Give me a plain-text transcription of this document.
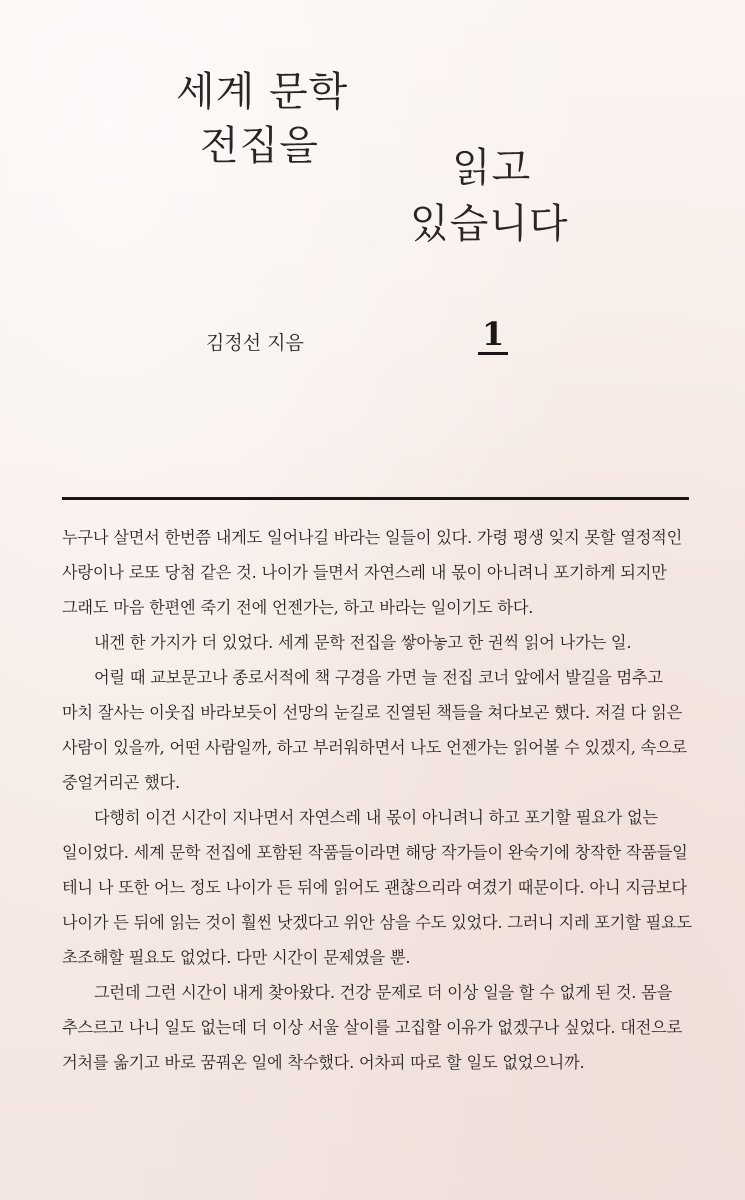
세계 문학
전집을	읽고
있습니다
김정선 지음	1

누구나 살면서 한번쯤 내게도 일어나길 바라는 일들이 있다. 가령 평생 잊지 못할 열정적인 사랑이나 로또 당첨 같은 것. 나이가 들면서 자연스레 내 몫이 아니려니 포기하게 되지만 그래도 마음 한편엔 죽기 전에 언젠가는, 하고 바라는 일이기도 하다.

내겐 한 가지가 더 있었다. 세계 문학 전집을 쌓아놓고 한 권씩 읽어 나가는 일.

어릴 때 교보문고나 종로서적에 책 구경을 가면 늘 전집 코너 앞에서 발길을 멈추고 마치 잘사는 이웃집 바라보듯이 선망의 눈길로 진열된 책들을 쳐다보곤 했다. 저걸 다 읽은 사람이 있을까, 어떤 사람일까, 하고 부러워하면서 나도 언젠가는 읽어볼 수 있겠지, 속으로 중얼거리곤 했다.

다행히 이건 시간이 지나면서 자연스레 내 몫이 아니려니 하고 포기할 필요가 없는 일이었다. 세계 문학 전집에 포함된 작품들이라면 해당 작가들이 완숙기에 창작한 작품들일 테니 나 또한 어느 정도 나이가 든 뒤에 읽어도 괜찮으리라 여겼기 때문이다. 아니 지금보다 나이가 든 뒤에 읽는 것이 훨씬 낫겠다고 위안 삼을 수도 있었다. 그러니 지레 포기할 필요도 초조해할 필요도 없었다. 다만 시간이 문제였을 뿐.

그런데 그런 시간이 내게 찾아왔다. 건강 문제로 더 이상 일을 할 수 없게 된 것. 몸을 추스르고 나니 일도 없는데 더 이상 서울 살이를 고집할 이유가 없겠구나 싶었다. 대전으로 거처를 옮기고 바로 꿈꿔온 일에 착수했다. 어차피 따로 할 일도 없었으니까.
